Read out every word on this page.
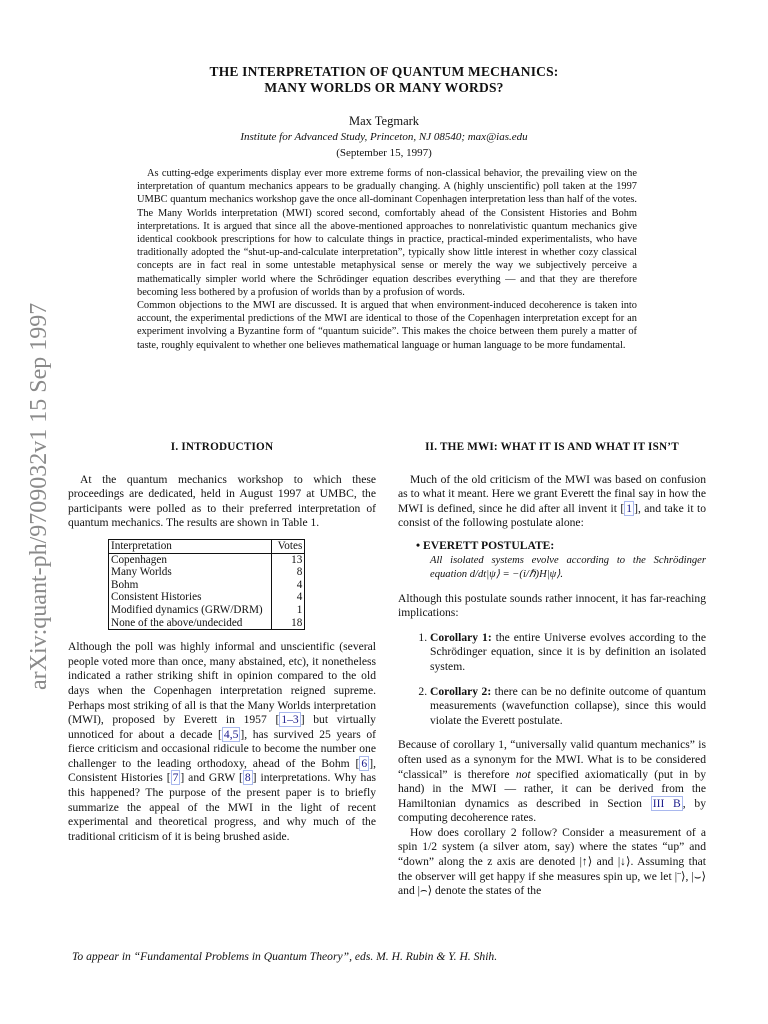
arXiv:quant-ph/9709032v1 15 Sep 1997
THE INTERPRETATION OF QUANTUM MECHANICS:
MANY WORLDS OR MANY WORDS?
Max Tegmark
Institute for Advanced Study, Princeton, NJ 08540; max@ias.edu
(September 15, 1997)

As cutting-edge experiments display ever more extreme forms of non-classical behavior, the prevailing view on the interpretation of quantum mechanics appears to be gradually changing. A (highly unscientific) poll taken at the 1997 UMBC quantum mechanics workshop gave the once all-dominant Copenhagen interpretation less than half of the votes. The Many Worlds interpretation (MWI) scored second, comfortably ahead of the Consistent Histories and Bohm interpretations. It is argued that since all the above-mentioned approaches to nonrelativistic quantum mechanics give identical cookbook prescriptions for how to calculate things in practice, practical-minded experimentalists, who have traditionally adopted the “shut-up-and-calculate interpretation”, typically show little interest in whether cozy classical concepts are in fact real in some untestable metaphysical sense or merely the way we subjectively perceive a mathematically simpler world where the Schrödinger equation describes everything — and that they are therefore becoming less bothered by a profusion of worlds than by a profusion of words.

Common objections to the MWI are discussed. It is argued that when environment-induced decoherence is taken into account, the experimental predictions of the MWI are identical to those of the Copenhagen interpretation except for an experiment involving a Byzantine form of “quantum suicide”. This makes the choice between them purely a matter of taste, roughly equivalent to whether one believes mathematical language or human language to be more fundamental.

I. INTRODUCTION

At the quantum mechanics workshop to which these proceedings are dedicated, held in August 1997 at UMBC, the participants were polled as to their preferred interpretation of quantum mechanics. The results are shown in Table 1.

Interpretation	Votes
Copenhagen	13
Many Worlds	8
Bohm	4
Consistent Histories	4
Modified dynamics (GRW/DRM)	1
None of the above/undecided	18

Although the poll was highly informal and unscientific (several people voted more than once, many abstained, etc), it nonetheless indicated a rather striking shift in opinion compared to the old days when the Copenhagen interpretation reigned supreme. Perhaps most striking of all is that the Many Worlds interpretation (MWI), proposed by Everett in 1957 [ 1–3 ] but virtually unnoticed for about a decade [ 4,5 ], has survived 25 years of fierce criticism and occasional ridicule to become the number one challenger to the leading orthodoxy, ahead of the Bohm [ 6 ], Consistent Histories [ 7 ] and GRW [ 8 ] interpretations. Why has this happened? The purpose of the present paper is to briefly summarize the appeal of the MWI in the light of recent experimental and theoretical progress, and why much of the traditional criticism of it is being brushed aside.

II. THE MWI: WHAT IT IS AND WHAT IT ISN’T

Much of the old criticism of the MWI was based on confusion as to what it meant. Here we grant Everett the final say in how the MWI is defined, since he did after all invent it [ 1 ], and take it to consist of the following postulate alone:

• EVERETT POSTULATE:
All isolated systems evolve according to the Schrödinger equation d/dt|ψ⟩ = −(i/ℏ)H|ψ⟩.

Although this postulate sounds rather innocent, it has far-reaching implications:

1. Corollary 1: the entire Universe evolves according to the Schrödinger equation, since it is by definition an isolated system.
2. Corollary 2: there can be no definite outcome of quantum measurements (wavefunction collapse), since this would violate the Everett postulate.

Because of corollary 1, “universally valid quantum mechanics” is often used as a synonym for the MWI. What is to be considered “classical” is therefore not specified axiomatically (put in by hand) in the MWI — rather, it can be derived from the Hamiltonian dynamics as described in Section III B , by computing decoherence rates.

How does corollary 2 follow? Consider a measurement of a spin 1/2 system (a silver atom, say) where the states “up” and “down” along the z axis are denoted |↑⟩ and |↓⟩. Assuming that the observer will get happy if she measures spin up, we let |¨⟩, |⌣⟩ and |⌢⟩ denote the states of the

To appear in “Fundamental Problems in Quantum Theory”, eds. M. H. Rubin & Y. H. Shih.
